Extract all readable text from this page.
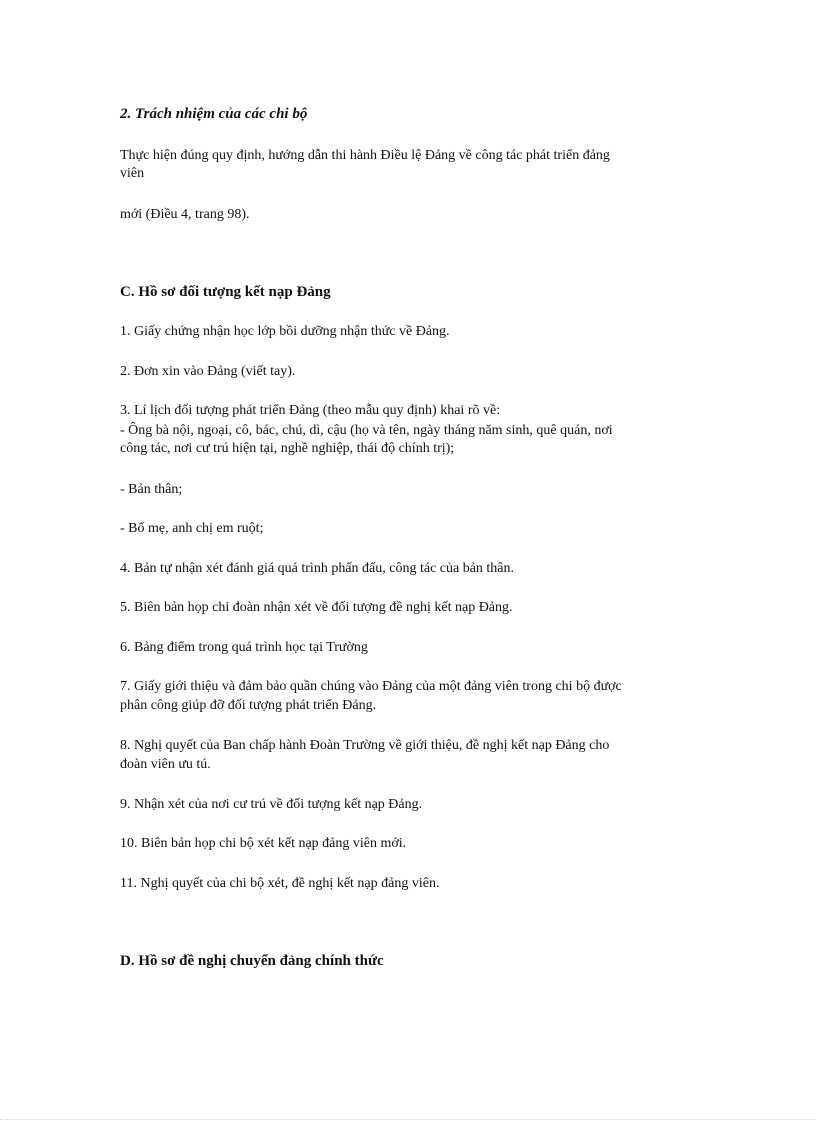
2. Trách nhiệm của các chi bộ
Thực hiện đúng quy định, hướng dẫn thi hành Điều lệ Đảng về công tác phát triển đảng
viên
mới (Điều 4, trang 98).
C. Hồ sơ đối tượng kết nạp Đảng
1. Giấy chứng nhận học lớp bồi dưỡng nhận thức về Đảng.
2. Đơn xin vào Đảng (viết tay).
3. Lí lịch đối tượng phát triển Đảng (theo mẫu quy định) khai rõ về:
- Ông bà nội, ngoại, cô, bác, chú, dì, cậu (họ và tên, ngày tháng năm sinh, quê quán, nơi
công tác, nơi cư trú hiện tại, nghề nghiệp, thái độ chính trị);
- Bản thân;
- Bố mẹ, anh chị em ruột;
4. Bản tự nhận xét đánh giá quá trình phấn đấu, công tác của bản thân.
5. Biên bản họp chi đoàn nhận xét về đối tượng đề nghị kết nạp Đảng.
6. Bảng điểm trong quá trình học tại Trường
7. Giấy giới thiệu và đảm bảo quần chúng vào Đảng của một đảng viên trong chi bộ được
phân công giúp đỡ đối tượng phát triển Đảng.
8. Nghị quyết của Ban chấp hành Đoàn Trường về giới thiệu, đề nghị kết nạp Đảng cho
đoàn viên ưu tú.
9. Nhận xét của nơi cư trú về đối tượng kết nạp Đảng.
10. Biên bản họp chi bộ xét kết nạp đảng viên mới.
11. Nghị quyết của chi bộ xét, đề nghị kết nạp đảng viên.
D. Hồ sơ đề nghị chuyển đảng chính thức
